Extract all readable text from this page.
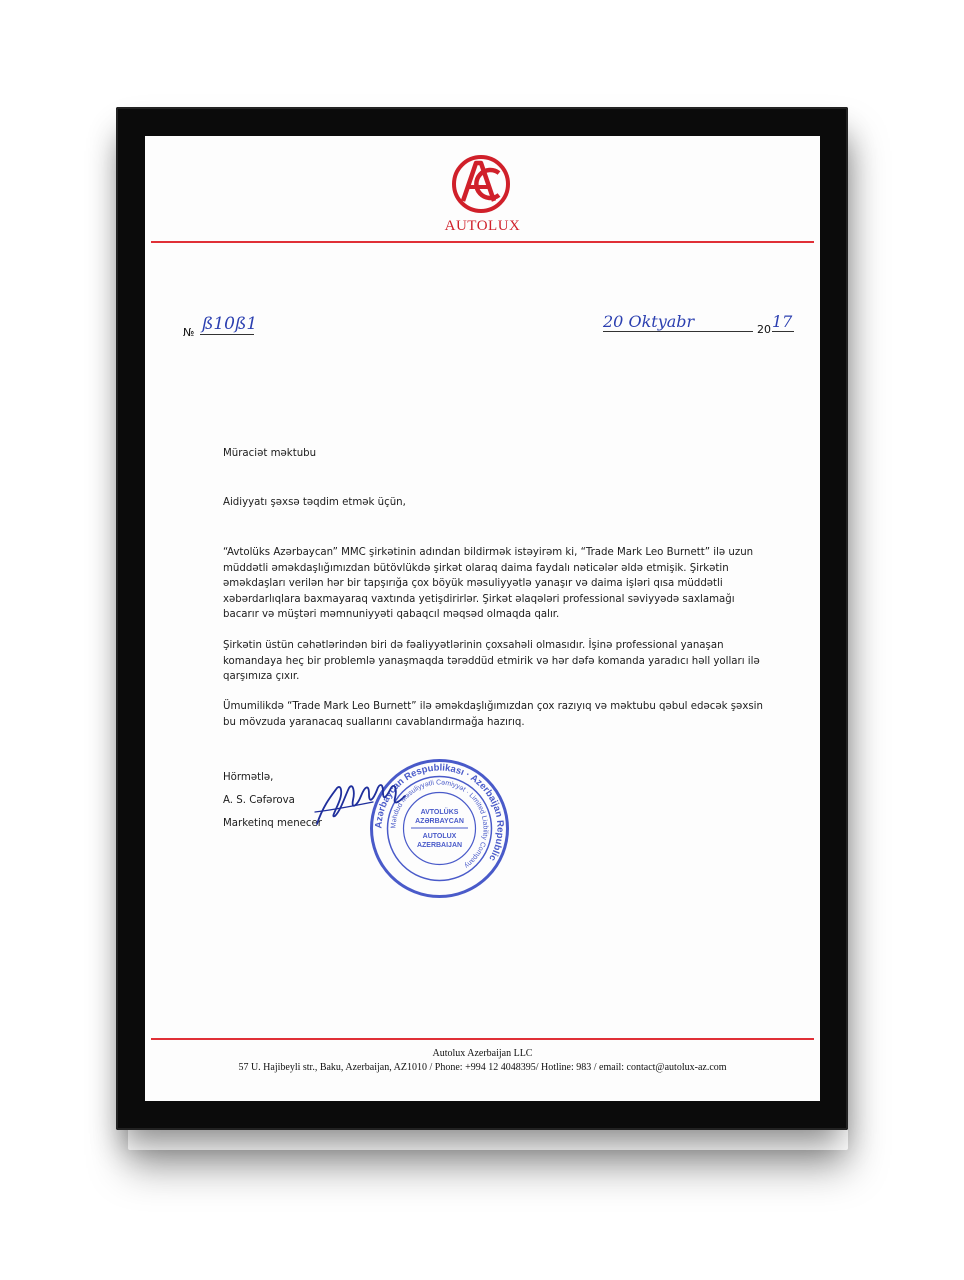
AUTOLUX
№ ß10ß1	20 Oktyabr	20 17
Müraciət məktubu
Aidiyyatı şəxsə təqdim etmək üçün,

“Avtolüks Azərbaycan” MMC şirkətinin adından bildirmək istəyirəm ki, “Trade Mark Leo Burnett” ilə uzun müddətli əməkdaşlığımızdan bütövlükdə şirkət olaraq daima faydalı nəticələr əldə etmişik. Şirkətin əməkdaşları verilən hər bir tapşırığa çox böyük məsuliyyətlə yanaşır və daima işləri qısa müddətli xəbərdarlıqlara baxmayaraq vaxtında yetişdirirlər. Şirkət əlaqələri professional səviyyədə saxlamağı bacarır və müştəri məmnuniyyəti qabaqcıl məqsəd olmaqda qalır.

Şirkətin üstün cəhətlərindən biri də fəaliyyətlərinin çoxsahəli olmasıdır. İşinə professional yanaşan komandaya heç bir problemlə yanaşmaqda tərəddüd etmirik və hər dəfə komanda yaradıcı həll yolları ilə qarşımıza çıxır.

Ümumilikdə “Trade Mark Leo Burnett” ilə əməkdaşlığımızdan çox razıyıq və məktubu qəbul edəcək şəxsin bu mövzuda yaranacaq suallarını cavablandırmağa hazırıq.

Hörmətlə,
A. S. Cəfərova
Marketinq menecer	Azərbaycan Respublikası · Azerbaijan Republic
Məhdud Məsuliyyətli Cəmiyyət · Limited Liability Company
AVTOLÜKS
AZƏRBAYCAN
AUTOLUX
AZERBAIJAN
Autolux Azerbaijan LLC
57 U. Hajibeyli str., Baku, Azerbaijan, AZ1010 / Phone: +994 12 4048395/ Hotline: 983 / email: contact@autolux-az.com
